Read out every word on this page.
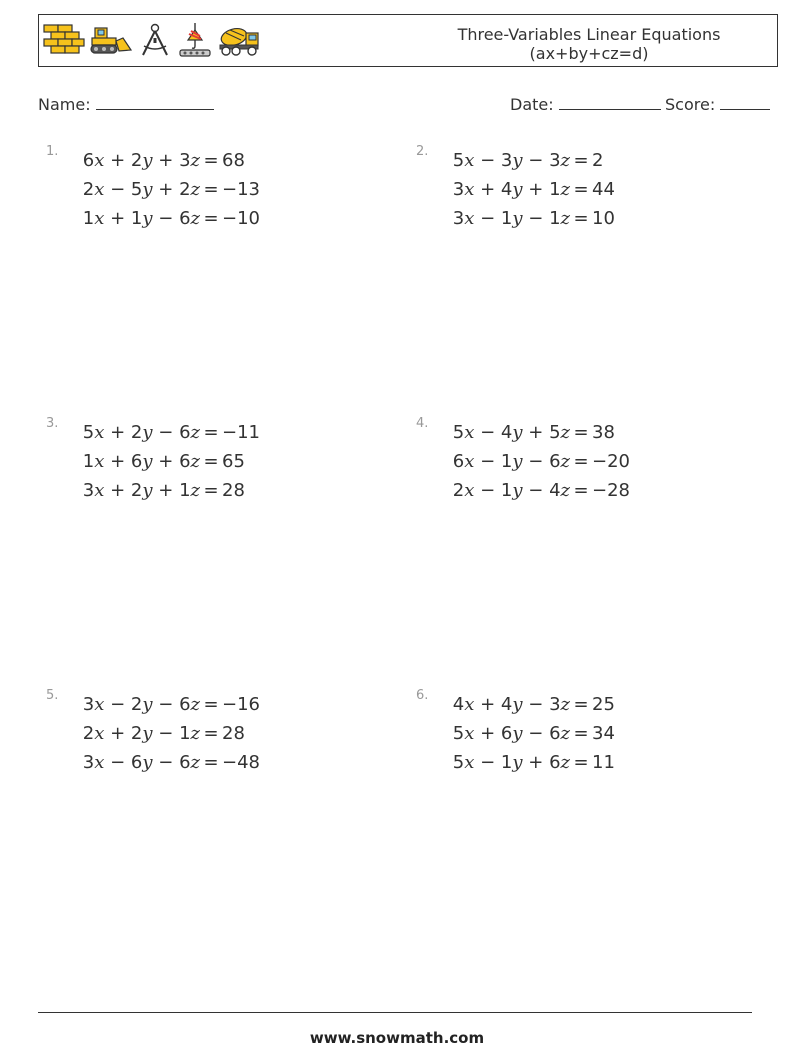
Three-Variables Linear Equations
(ax+by+cz=d)
Name:	Date:	Score:
1.	6x + 2y + 3z = 68
2x − 5y + 2z = −13
1x + 1y − 6z = −10
2.	5x − 3y − 3z = 2
3x + 4y + 1z = 44
3x − 1y − 1z = 10
3.	5x + 2y − 6z = −11
1x + 6y + 6z = 65
3x + 2y + 1z = 28
4.	5x − 4y + 5z = 38
6x − 1y − 6z = −20
2x − 1y − 4z = −28
5.	3x − 2y − 6z = −16
2x + 2y − 1z = 28
3x − 6y − 6z = −48
6.	4x + 4y − 3z = 25
5x + 6y − 6z = 34
5x − 1y + 6z = 11
www.snowmath.com
